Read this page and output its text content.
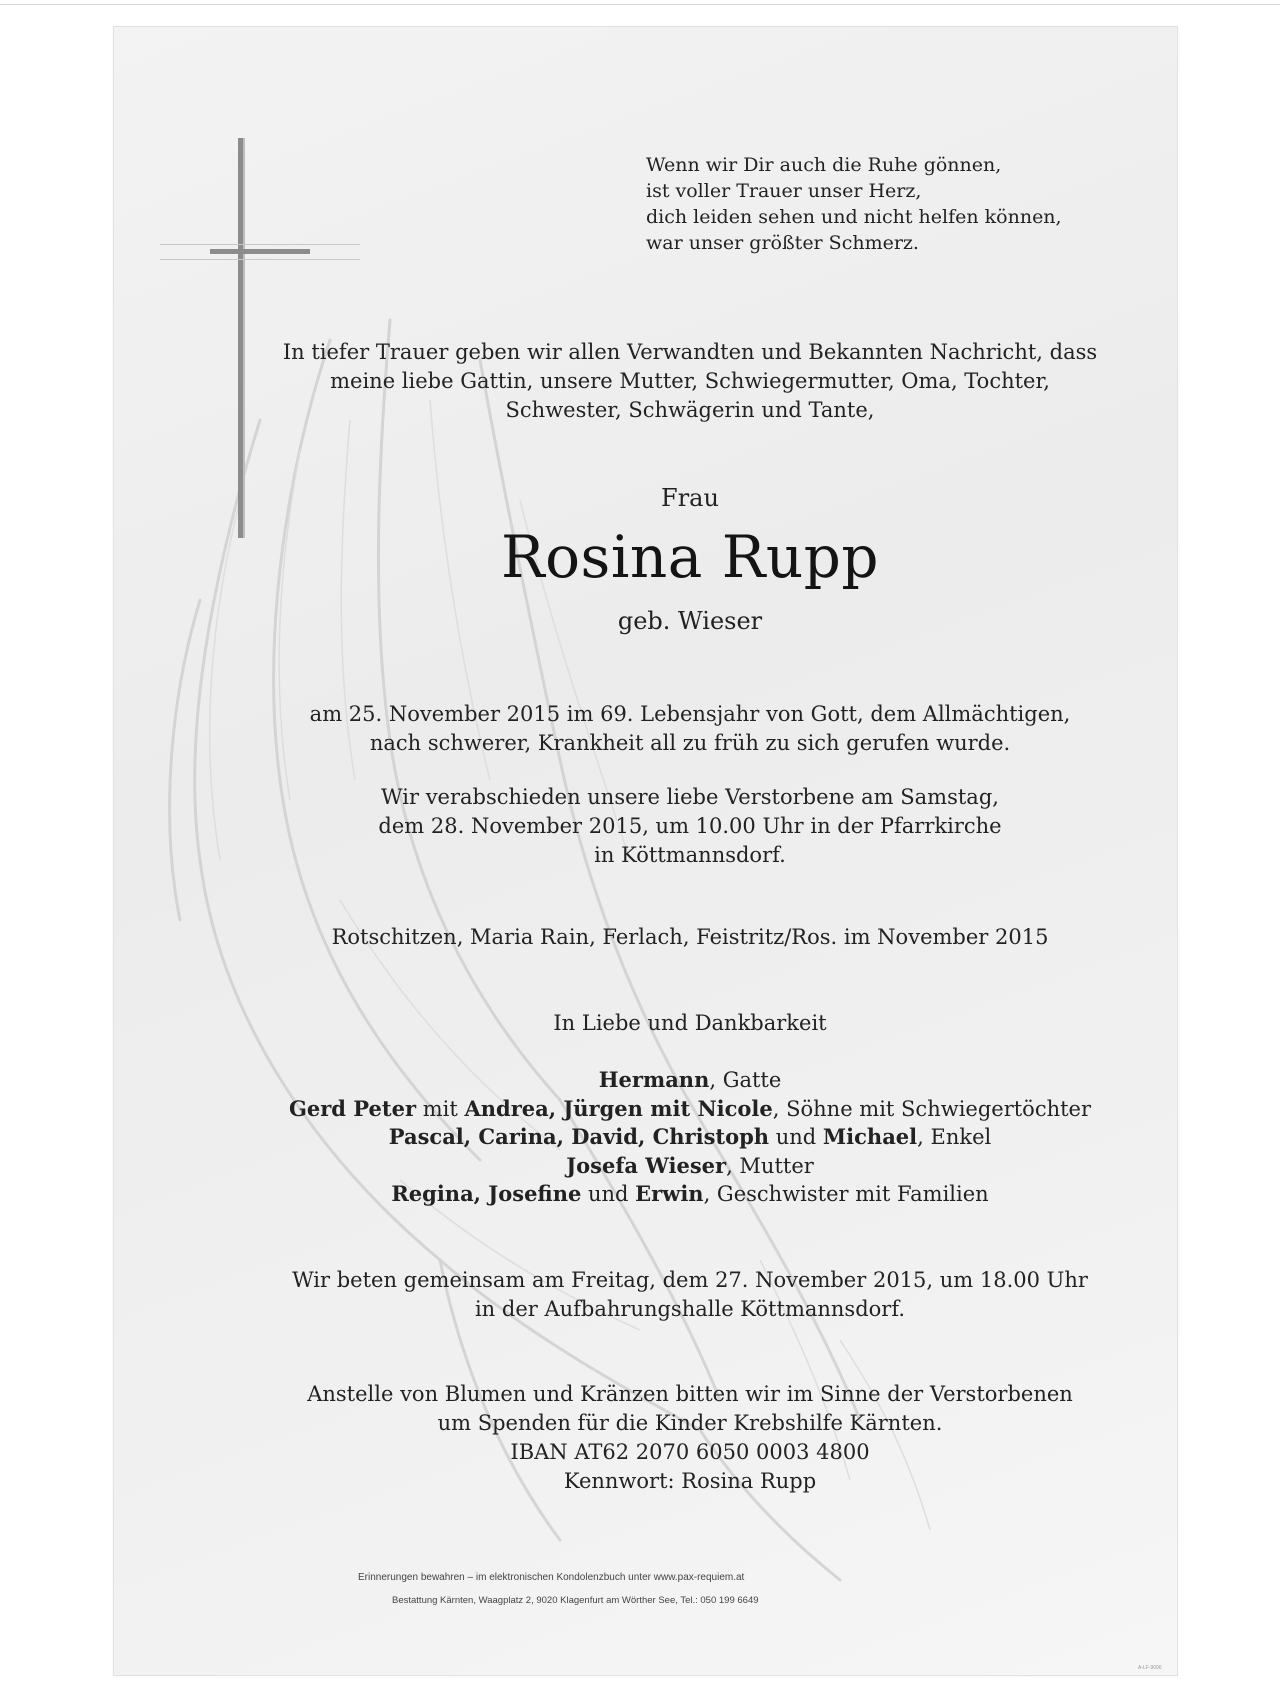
Wenn wir Dir auch die Ruhe gönnen,
ist voller Trauer unser Herz,
dich leiden sehen und nicht helfen können,
war unser größter Schmerz.
In tiefer Trauer geben wir allen Verwandten und Bekannten Nachricht, dass
meine liebe Gattin, unsere Mutter, Schwiegermutter, Oma, Tochter,
Schwester, Schwägerin und Tante,
Frau
Rosina Rupp
geb. Wieser
am 25. November 2015 im 69. Lebensjahr von Gott, dem Allmächtigen,
nach schwerer, Krankheit all zu früh zu sich gerufen wurde.
Wir verabschieden unsere liebe Verstorbene am Samstag,
dem 28. November 2015, um 10.00 Uhr in der Pfarrkirche
in Köttmannsdorf.
Rotschitzen, Maria Rain, Ferlach, Feistritz/Ros. im November 2015
In Liebe und Dankbarkeit
Hermann, Gatte
Gerd Peter mit Andrea, Jürgen mit Nicole, Söhne mit Schwiegertöchter
Pascal, Carina, David, Christoph und Michael, Enkel
Josefa Wieser, Mutter
Regina, Josefine und Erwin, Geschwister mit Familien
Wir beten gemeinsam am Freitag, dem 27. November 2015, um 18.00 Uhr
in der Aufbahrungshalle Köttmannsdorf.
Anstelle von Blumen und Kränzen bitten wir im Sinne der Verstorbenen
um Spenden für die Kinder Krebshilfe Kärnten.
IBAN AT62 2070 6050 0003 4800
Kennwort: Rosina Rupp
Erinnerungen bewahren – im elektronischen Kondolenzbuch unter www.pax-requiem.at
Bestattung Kärnten, Waagplatz 2, 9020 Klagenfurt am Wörther See, Tel.: 050 199 6649
A-LF-9096
